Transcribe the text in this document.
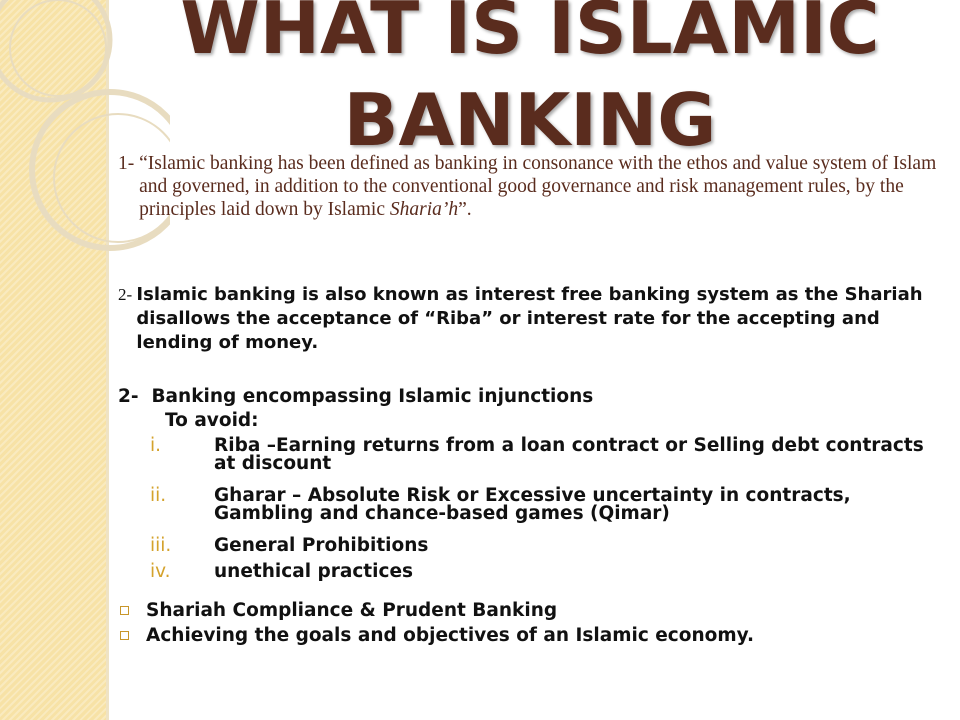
WHAT IS ISLAMIC
BANKING
1- “Islamic banking has been defined as banking in consonance with the ethos and value system of Islam and governed, in addition to the conventional good governance and risk management rules, by the principles laid down by Islamic Sharia’h”.
2- Islamic banking is also known as interest free banking system as the Shariah disallows the acceptance of “Riba” or interest rate for the accepting and lending of money.
2- Banking encompassing Islamic injunctions
To avoid:
i.	Riba –Earning returns from a loan contract or Selling debt contracts at discount
ii.	Gharar – Absolute Risk or Excessive uncertainty in contracts, Gambling and chance-based games (Qimar)
iii.	General Prohibitions
iv.	unethical practices
Shariah Compliance & Prudent Banking
Achieving the goals and objectives of an Islamic economy.
